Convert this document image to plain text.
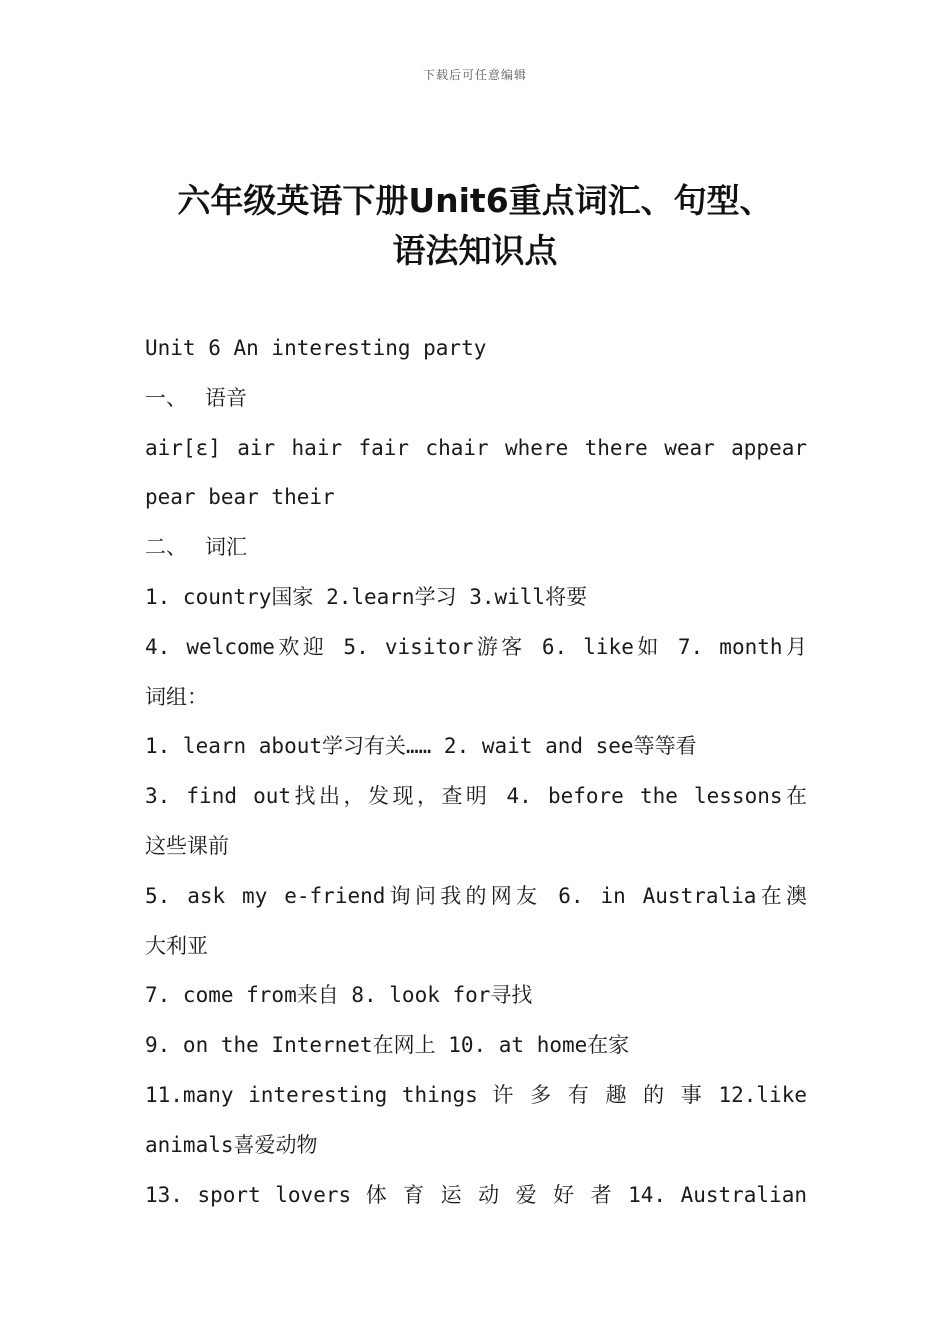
下载后可任意编辑
六年级英语下册Unit6重点词汇、句型、
语法知识点
Unit 6 An interesting party
一、 语音
air[ɛ] air hair fair chair where there wear appear
pear bear their
二、 词汇
1. country国家 2.learn学习 3.will将要
4. welcome欢迎 5. visitor游客 6. like如 7. month月
词组：
1. learn about学习有关…… 2. wait and see等等看
3. find out找出，发现，查明 4. before the lessons在
这些课前
5. ask my e-friend询问我的网友 6. in Australia在澳
大利亚
7. come from来自 8. look for寻找
9. on the Internet在网上 10. at home在家
11.many interesting things 许 多 有 趣 的 事 12.like
animals喜爱动物
13. sport lovers 体 育 运 动 爱 好 者 14. Australian
